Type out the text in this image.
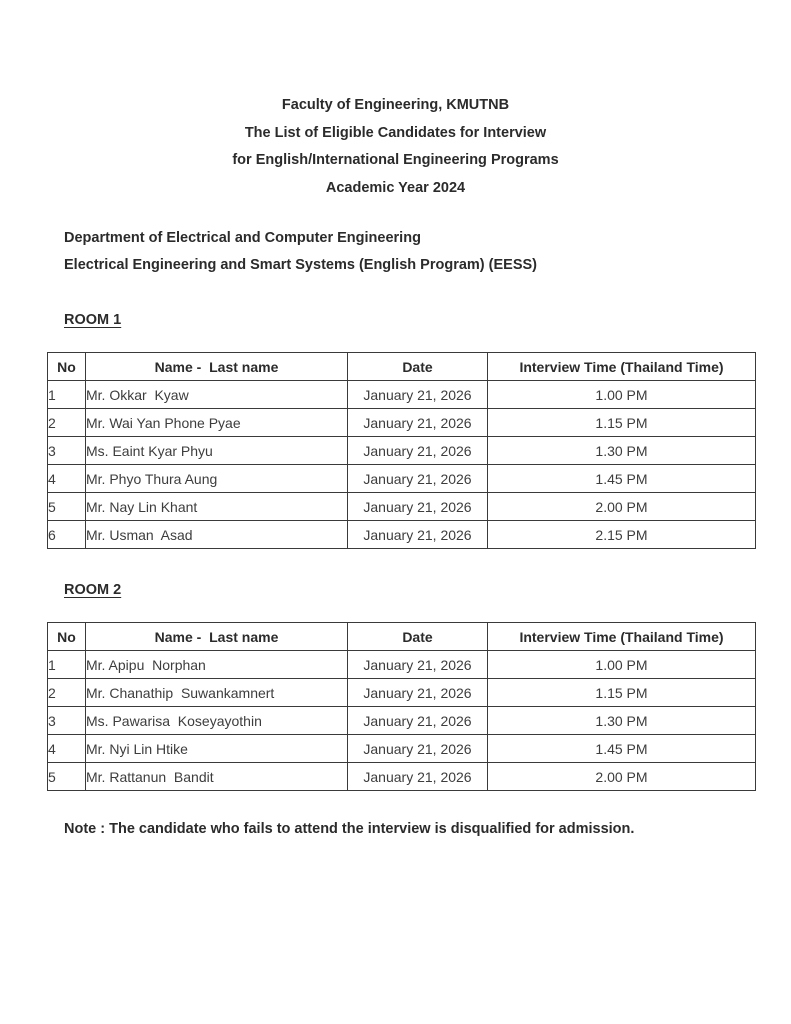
Faculty of Engineering, KMUTNB
The List of Eligible Candidates for Interview
for English/International Engineering Programs
Academic Year 2024
Department of Electrical and Computer Engineering
Electrical Engineering and Smart Systems (English Program) (EESS)
ROOM 1
No	Name -  Last name	Date	Interview Time (Thailand Time)
1	Mr. Okkar  Kyaw	January 21, 2026	1.00 PM
2	Mr. Wai Yan Phone Pyae	January 21, 2026	1.15 PM
3	Ms. Eaint Kyar Phyu	January 21, 2026	1.30 PM
4	Mr. Phyo Thura Aung	January 21, 2026	1.45 PM
5	Mr. Nay Lin Khant	January 21, 2026	2.00 PM
6	Mr. Usman  Asad	January 21, 2026	2.15 PM
ROOM 2
No	Name -  Last name	Date	Interview Time (Thailand Time)
1	Mr. Apipu  Norphan	January 21, 2026	1.00 PM
2	Mr. Chanathip  Suwankamnert	January 21, 2026	1.15 PM
3	Ms. Pawarisa  Koseyayothin	January 21, 2026	1.30 PM
4	Mr. Nyi Lin Htike	January 21, 2026	1.45 PM
5	Mr. Rattanun  Bandit	January 21, 2026	2.00 PM

Note : The candidate who fails to attend the interview is disqualified for admission.
